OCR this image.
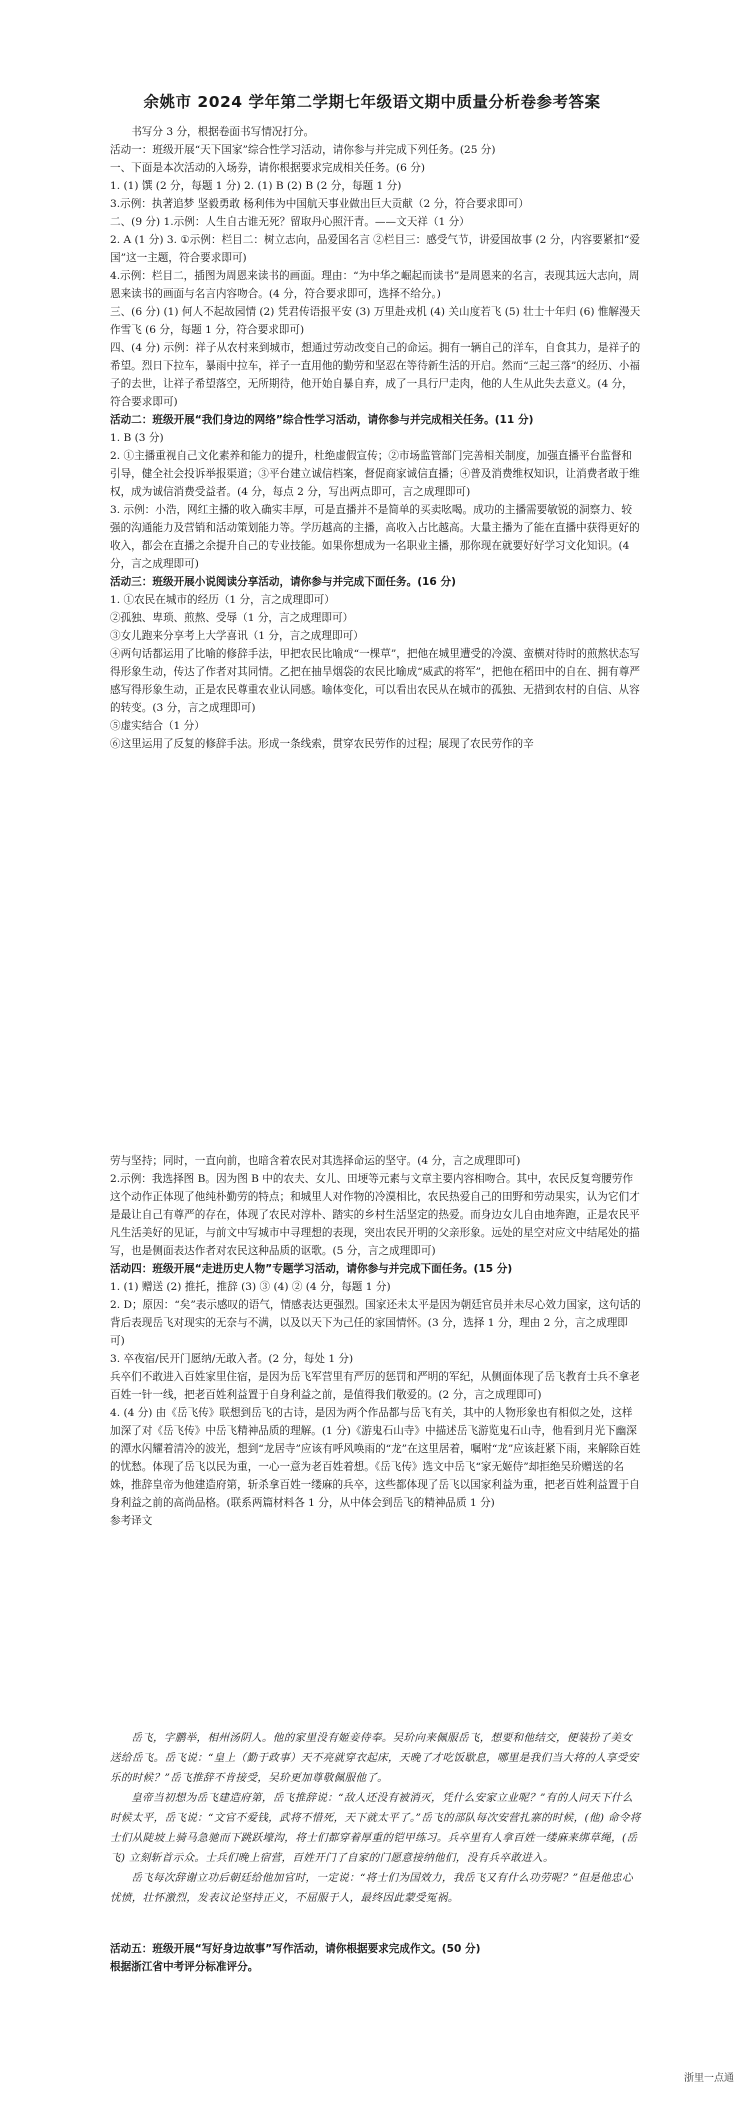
余姚市 2024 学年第二学期七年级语文期中质量分析卷参考答案

书写分 3 分，根据卷面书写情况打分。

活动一：班级开展“天下国家”综合性学习活动，请你参与并完成下列任务。(25 分)

一、下面是本次活动的入场券，请你根据要求完成相关任务。(6 分)

1. (1) 馔 (2 分，每题 1 分) 2. (1) B (2) B (2 分，每题 1 分)

3.示例：执著追梦 坚毅勇敢 杨利伟为中国航天事业做出巨大贡献（2 分，符合要求即可）

二、(9 分) 1.示例：人生自古谁无死？留取丹心照汗青。——文天祥（1 分）

2. A (1 分) 3. ①示例：栏目二：树立志向，品爱国名言 ②栏目三：感受气节，讲爱国故事 (2 分，内容要紧扣“爱国”这一主题，符合要求即可)

4.示例：栏目二，插图为周恩来读书的画面。理由：“为中华之崛起而读书”是周恩来的名言，表现其远大志向，周恩来读书的画面与名言内容吻合。(4 分，符合要求即可，选择不给分。)

三、(6 分) (1) 何人不起故园情 (2) 凭君传语报平安 (3) 万里赴戎机 (4) 关山度若飞 (5) 壮士十年归 (6) 惟解漫天作雪飞 (6 分，每题 1 分，符合要求即可)

四、(4 分) 示例：祥子从农村来到城市，想通过劳动改变自己的命运。拥有一辆自己的洋车，自食其力，是祥子的希望。烈日下拉车，暴雨中拉车，祥子一直用他的勤劳和坚忍在等待新生活的开启。然而“三起三落”的经历、小福子的去世，让祥子希望落空，无所期待，他开始自暴自弃，成了一具行尸走肉，他的人生从此失去意义。(4 分，符合要求即可)

活动二：班级开展“我们身边的网络”综合性学习活动，请你参与并完成相关任务。(11 分)

1. B (3 分)

2. ①主播重视自己文化素养和能力的提升，杜绝虚假宣传；②市场监管部门完善相关制度，加强直播平台监督和引导，健全社会投诉举报渠道；③平台建立诚信档案，督促商家诚信直播；④普及消费维权知识，让消费者敢于维权，成为诚信消费受益者。(4 分，每点 2 分，写出两点即可，言之成理即可)

3. 示例：小浩，网红主播的收入确实丰厚，可是直播并不是简单的买卖吆喝。成功的主播需要敏锐的洞察力、较强的沟通能力及营销和活动策划能力等。学历越高的主播，高收入占比越高。大量主播为了能在直播中获得更好的收入，都会在直播之余提升自己的专业技能。如果你想成为一名职业主播，那你现在就要好好学习文化知识。(4 分，言之成理即可)

活动三：班级开展小说阅读分享活动，请你参与并完成下面任务。(16 分)

1. ①农民在城市的经历（1 分，言之成理即可）

②孤独、卑琐、煎熬、受辱（1 分，言之成理即可）

③女儿跑来分享考上大学喜讯（1 分，言之成理即可）

④两句话都运用了比喻的修辞手法，甲把农民比喻成“一棵草”，把他在城里遭受的冷漠、蛮横对待时的煎熬状态写得形象生动，传达了作者对其同情。乙把在抽旱烟袋的农民比喻成“威武的将军”，把他在稻田中的自在、拥有尊严感写得形象生动，正是农民尊重农业认同感。喻体变化，可以看出农民从在城市的孤独、无措到农村的自信、从容的转变。(3 分，言之成理即可)

⑤虚实结合（1 分）

⑥这里运用了反复的修辞手法。形成一条线索，贯穿农民劳作的过程；展现了农民劳作的辛

劳与坚持；同时，一直向前，也暗含着农民对其选择命运的坚守。(4 分，言之成理即可)

2.示例：我选择图 B。因为图 B 中的农夫、女儿、田埂等元素与文章主要内容相吻合。其中，农民反复弯腰劳作这个动作正体现了他纯朴勤劳的特点；和城里人对作物的冷漠相比，农民热爱自己的田野和劳动果实，认为它们才是最让自己有尊严的存在，体现了农民对淳朴、踏实的乡村生活坚定的热爱。而身边女儿自由地奔跑，正是农民平凡生活美好的见证，与前文中写城市中寻理想的表现，突出农民开明的父亲形象。远处的星空对应文中结尾处的描写，也是侧面表达作者对农民这种品质的讴歌。(5 分，言之成理即可)

活动四：班级开展“走进历史人物”专题学习活动，请你参与并完成下面任务。(15 分)

1. (1) 赠送 (2) 推托，推辞 (3) ③ (4) ② (4 分，每题 1 分)

2. D；原因：“矣”表示感叹的语气，情感表达更强烈。国家还未太平是因为朝廷官员并未尽心效力国家，这句话的背后表现岳飞对现实的无奈与不满，以及以天下为己任的家国情怀。(3 分，选择 1 分，理由 2 分，言之成理即可)

3. 卒夜宿/民开门愿纳/无敢入者。(2 分，每处 1 分)

兵卒们不敢进入百姓家里住宿，是因为岳飞军营里有严厉的惩罚和严明的军纪，从侧面体现了岳飞教育士兵不拿老百姓一针一线，把老百姓利益置于自身利益之前，是值得我们敬爱的。(2 分，言之成理即可)

4. (4 分) 由《岳飞传》联想到岳飞的古诗，是因为两个作品都与岳飞有关，其中的人物形象也有相似之处，这样加深了对《岳飞传》中岳飞精神品质的理解。(1 分)《游鬼石山寺》中描述岳飞游览鬼石山寺，他看到月光下幽深的潭水闪耀着清冷的波光，想到“龙居寺”应该有呼风唤雨的“龙”在这里居着，嘱咐“龙”应该赶紧下雨，来解除百姓的忧愁。体现了岳飞以民为重，一心一意为老百姓着想。《岳飞传》选文中岳飞“家无姬侍”却拒绝吴玠赠送的名姝，推辞皇帝为他建造府第，斩杀拿百姓一缕麻的兵卒，这些都体现了岳飞以国家利益为重，把老百姓利益置于自身利益之前的高尚品格。(联系两篇材料各 1 分，从中体会到岳飞的精神品质 1 分)

参考译文

岳飞，字鹏举，相州汤阴人。他的家里没有姬妾侍奉。吴玠向来佩服岳飞，想要和他结交，便装扮了美女送给岳飞。岳飞说：“皇上（勤于政事）天不亮就穿衣起床，天晚了才吃饭歇息，哪里是我们当大将的人享受安乐的时候？”岳飞推辞不肯接受，吴玠更加尊敬佩服他了。

皇帝当初想为岳飞建造府第，岳飞推辞说：“敌人还没有被消灭，凭什么安家立业呢？”有的人问天下什么时候太平，岳飞说：“文官不爱钱，武将不惜死，天下就太平了。”岳飞的部队每次安营扎寨的时候，(他) 命令将士们从陡坡上骑马急驰而下跳跃壕沟，将士们都穿着厚重的铠甲练习。兵卒里有人拿百姓一缕麻来绑草绳，(岳飞) 立刻斩首示众。士兵们晚上宿营，百姓开门了自家的门愿意接纳他们，没有兵卒敢进入。

岳飞每次辞谢立功后朝廷给他加官时，一定说：“将士们为国效力，我岳飞又有什么功劳呢？”但是他忠心忧愤，壮怀激烈，发表议论坚持正义，不屈服于人，最终因此蒙受冤祸。

活动五：班级开展“写好身边故事”写作活动，请你根据要求完成作文。(50 分)

根据浙江省中考评分标准评分。

浙里一点通
